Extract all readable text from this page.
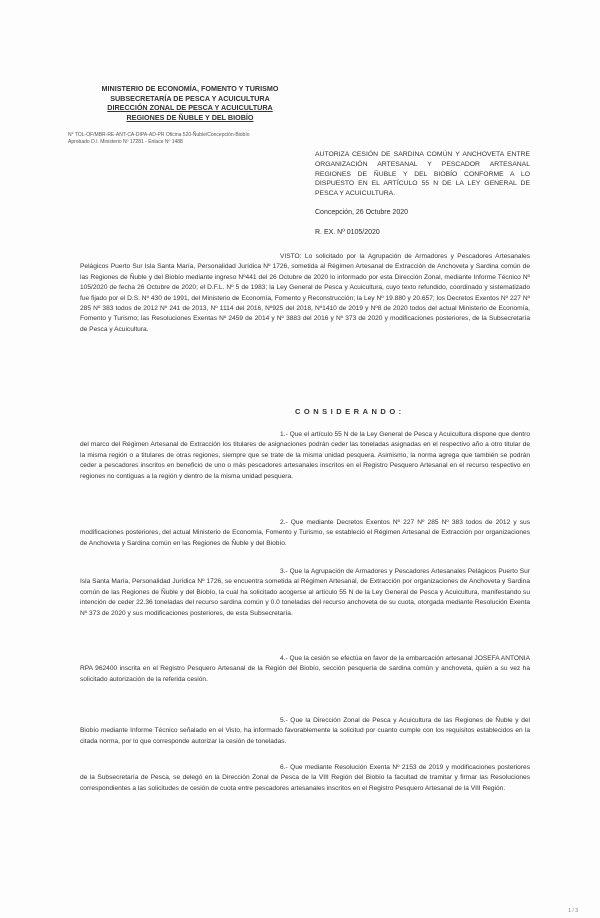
.
MINISTERIO DE ECONOMÍA, FOMENTO Y TURISMO
SUBSECRETARÍA DE PESCA Y ACUICULTURA
DIRECCIÓN ZONAL DE PESCA Y ACUICULTURA
REGIONES DE ÑUBLE Y DEL BIOBÍO
N° TOL-OF/MBR-RE-ANT-CA-DIPA-AD-PR Oficina 520-Ñuble/Concepción-Biobío
Aprobado D.I. Ministerio Nº 17281 - Enlace Nº 1488
AUTORIZA CESIÓN DE SARDINA COMÚN Y ANCHOVETA ENTRE ORGANIZACIÓN ARTESANAL Y PESCADOR ARTESANAL REGIONES DE ÑUBLE Y DEL BIOBÍO CONFORME A LO DISPUESTO EN EL ARTÍCULO 55 N DE LA LEY GENERAL DE PESCA Y ACUICULTURA.
Concepción, 26 Octubre 2020
R. EX. Nº 0105/2020
VISTO: Lo solicitado por la Agrupación de Armadores y Pescadores Artesanales Pelágicos Puerto Sur Isla Santa María, Personalidad Jurídica Nº 1726, sometida al Régimen Artesanal de Extracción de Anchoveta y Sardina común de las Regiones de Ñuble y del Biobío mediante ingreso Nº441 del 26 Octubre de 2020 lo informado por esta Dirección Zonal, mediante Informe Técnico Nº 105/2020 de fecha 26 Octubre de 2020; el D.F.L. Nº 5 de 1983; la Ley General de Pesca y Acuicultura, cuyo texto refundido, coordinado y sistematizado fue fijado por el D.S. Nº 430 de 1991, del Ministerio de Economía, Fomento y Reconstrucción; la Ley Nº 19.880 y 20.657; los Decretos Exentos Nº 227 Nº 285 Nº 383 todos de 2012 Nº 241 de 2013, Nº 1114 del 2016, Nº925 del 2018, Nº1410 de 2019 y Nº8 de 2020 todos del actual Ministerio de Economía, Fomento y Turismo; las Resoluciones Exentas Nº 2459 de 2014 y Nº 3883 del 2016 y Nº 373 de 2020 y modificaciones posteriores, de la Subsecretaría de Pesca y Acuicultura.
CONSIDERANDO:
1.- Que el artículo 55 N de la Ley General de Pesca y Acuicultura dispone que dentro del marco del Régimen Artesanal de Extracción los titulares de asignaciones podrán ceder las toneladas asignadas en el respectivo año a otro titular de la misma región o a titulares de otras regiones, siempre que se trate de la misma unidad pesquera. Asimismo, la norma agrega que también se podrán ceder a pescadores inscritos en beneficio de uno o más pescadores artesanales inscritos en el Registro Pesquero Artesanal en el recurso respectivo en regiones no contiguas a la región y dentro de la misma unidad pesquera.
2.- Que mediante Decretos Exentos Nº 227 Nº 285 Nº 383 todos de 2012 y sus modificaciones posteriores, del actual Ministerio de Economía, Fomento y Turismo, se estableció el Régimen Artesanal de Extracción por organizaciones de Anchoveta y Sardina común en las Regiones de Ñuble y del Biobío.
3.- Que la Agrupación de Armadores y Pescadores Artesanales Pelágicos Puerto Sur Isla Santa María, Personalidad Jurídica Nº 1726, se encuentra sometida al Régimen Artesanal, de Extracción por organizaciones de Anchoveta y Sardina común de las Regiones de Ñuble y del Biobío, la cual ha solicitado acogerse al artículo 55 N de la Ley General de Pesca y Acuicultura, manifestando su intención de ceder 22.36 toneladas del recurso sardina común y 0.0 toneladas del recurso anchoveta de su cuota, otorgada mediante Resolución Exenta Nº 373 de 2020 y sus modificaciones posteriores, de esta Subsecretaría.
4.- Que la cesión se efectúa en favor de la embarcación artesanal JOSEFA ANTONIA RPA 962400 inscrita en el Registro Pesquero Artesanal de la Región del Biobío, sección pesquería de sardina común y anchoveta, quien a su vez ha solicitado autorización de la referida cesión.
5.- Que la Dirección Zonal de Pesca y Acuicultura de las Regiones de Ñuble y del Biobío mediante Informe Técnico señalado en el Visto, ha informado favorablemente la solicitud por cuanto cumple con los requisitos establecidos en la citada norma, por lo que corresponde autorizar la cesión de toneladas.
6.- Que mediante Resolución Exenta Nº 2153 de 2019 y modificaciones posteriores de la Subsecretaría de Pesca, se delegó en la Dirección Zonal de Pesca de la VIII Región del Biobío la facultad de tramitar y firmar las Resoluciones correspondientes a las solicitudes de cesión de cuota entre pescadores artesanales inscritos en el Registro Pesquero Artesanal de la VIII Región.
1 / 3
